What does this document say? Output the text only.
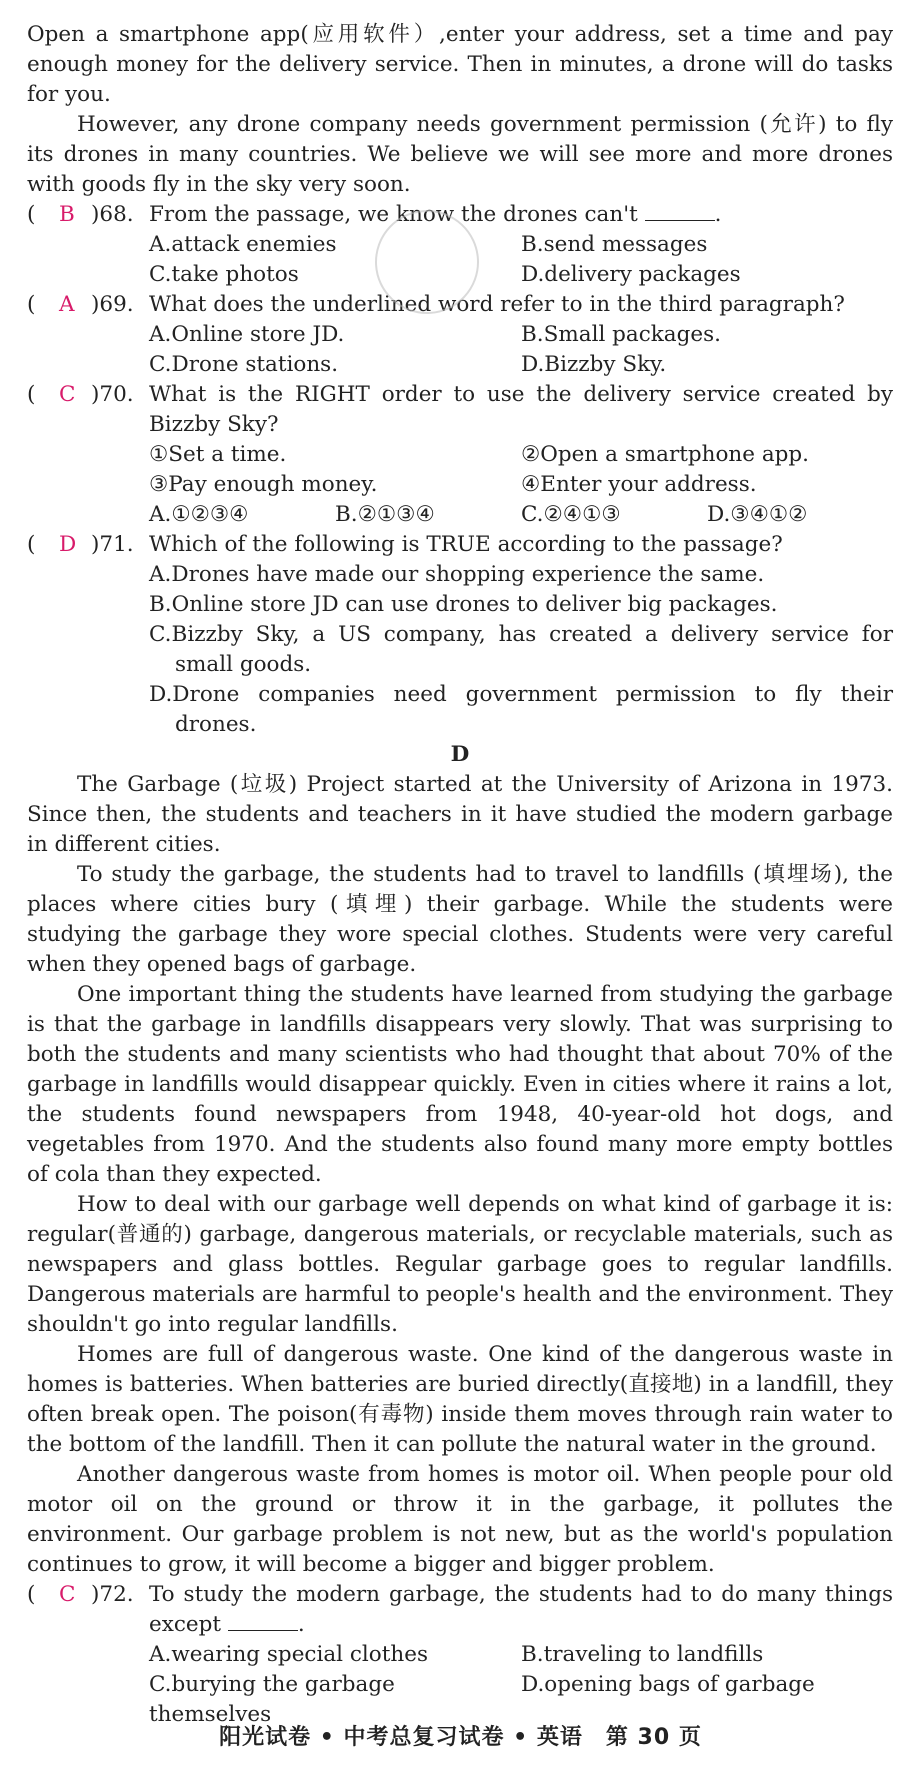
Open a smartphone app(应用软件）,enter your address, set a time and pay enough money for the delivery service. Then in minutes, a drone will do tasks for you.

However, any drone company needs government permission (允许) to fly its drones in many countries. We believe we will see more and more drones with goods fly in the sky very soon.

( B )68. From the passage, we know the drones can't	.
A.attack enemies	B.send messages
C.take photos	D.delivery packages
( A )69. What does the underlined word refer to in the third paragraph?
A.Online store JD.	B.Small packages.
C.Drone stations.	D.Bizzby Sky.
( C )70. What is the RIGHT order to use the delivery service created by Bizzby Sky?
①Set a time.	②Open a smartphone app.
③Pay enough money.	④Enter your address.
A.①②③④	B.②①③④	C.②④①③	D.③④①②
( D )71. Which of the following is TRUE according to the passage?
A.Drones have made our shopping experience the same.
B.Online store JD can use drones to deliver big packages.
C.Bizzby Sky, a US company, has created a delivery service for small goods.
D.Drone companies need government permission to fly their drones.
D

The Garbage (垃圾) Project started at the University of Arizona in 1973. Since then, the students and teachers in it have studied the modern garbage in different cities.

To study the garbage, the students had to travel to landfills (填埋场), the places where cities bury (填埋) their garbage. While the students were studying the garbage they wore special clothes. Students were very careful when they opened bags of garbage.

One important thing the students have learned from studying the garbage is that the garbage in landfills disappears very slowly. That was surprising to both the students and many scientists who had thought that about 70% of the garbage in landfills would disappear quickly. Even in cities where it rains a lot, the students found newspapers from 1948, 40-year-old hot dogs, and vegetables from 1970. And the students also found many more empty bottles of cola than they expected.

How to deal with our garbage well depends on what kind of garbage it is: regular(普通的) garbage, dangerous materials, or recyclable materials, such as newspapers and glass bottles. Regular garbage goes to regular landfills. Dangerous materials are harmful to people's health and the environment. They shouldn't go into regular landfills.

Homes are full of dangerous waste. One kind of the dangerous waste in homes is batteries. When batteries are buried directly(直接地) in a landfill, they often break open. The poison(有毒物) inside them moves through rain water to the bottom of the landfill. Then it can pollute the natural water in the ground.

Another dangerous waste from homes is motor oil. When people pour old motor oil on the ground or throw it in the garbage, it pollutes the environment. Our garbage problem is not new, but as the world's population continues to grow, it will become a bigger and bigger problem.

( C )72. To study the modern garbage, the students had to do many things except	.
A.wearing special clothes	B.traveling to landfills
C.burying the garbage themselves
D.opening bags of garbage
阳光试卷 • 中考总复习试卷 • 英语　第 30 页
